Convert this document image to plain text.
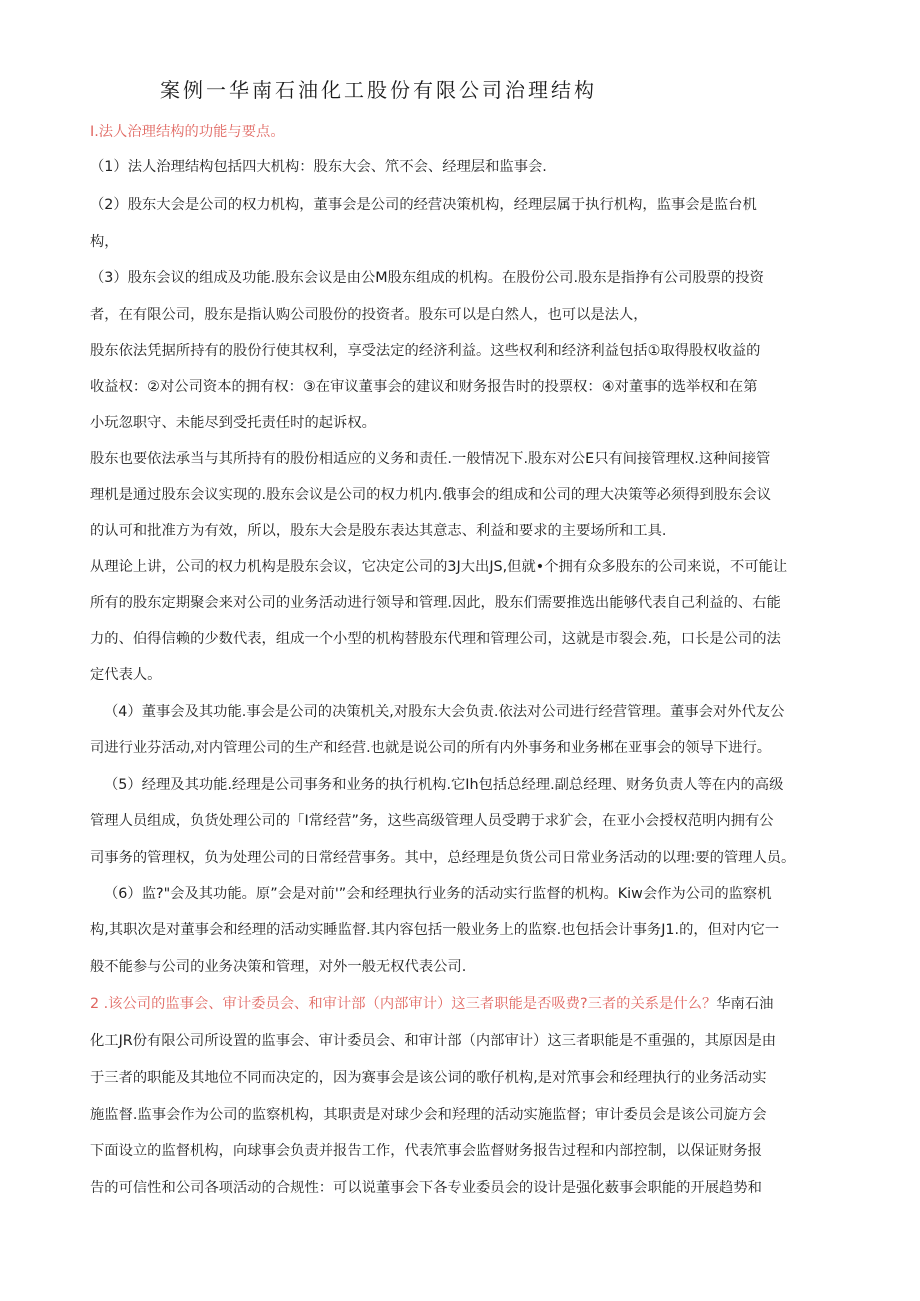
案例一华南石油化工股份有限公司治理结构
I.法人治理结构的功能与要点。
（1）法人治理结构包括四大机构：股东大会、笊不会、经理层和监事会.
（2）股东大会是公司的权力机构，董事会是公司的经营决策机构，经理层属于执行机构，监事会是监台机
构，
（3）股东会议的组成及功能.股东会议是由公M股东组成的机构。在股份公司.股东是指挣有公司股票的投资
者，在有限公司，股东是指认购公司股份的投资者。股东可以是白然人，也可以是法人，
股东依法凭据所持有的股份行使其权利，享受法定的经济利益。这些权利和经济利益包括①取得股权收益的
收益权：②对公司资本的拥有权：③在审议董事会的建议和财务报告时的投票权：④对董事的选举权和在第
小玩忽职守、未能尽到受托责任时的起诉权。
股东也要依法承当与其所持有的股份相适应的义务和责任.一般情况下.股东对公E只有间接管理权.这种间接管
理机是通过股东会议实现的.股东会议是公司的权力机内.俄事会的组成和公司的理大决策等必须得到股东会议
的认可和批准方为有效，所以，股东大会是股东表达其意志、利益和要求的主要场所和工具.
从理论上讲，公司的权力机构是股东会议，它决定公司的3J大出JS,但就•个拥有众多股东的公司来说，不可能让
所有的股东定期聚会来对公司的业务活动进行领导和管理.因此，股东们需要推选出能够代表自己利益的、右能
力的、伯得信赖的少数代表，组成一个小型的机构替股东代理和管理公司，这就是市裂会.苑，口长是公司的法
定代表人。
（4）董事会及其功能.事会是公司的决策机关,对股东大会负责.依法对公司进行经营管理。董事会对外代友公
司进行业芬活动,对内管理公司的生产和经营.也就是说公司的所有内外事务和业务郴在亚事会的领导下进行。
（5）经理及其功能.经理是公司事务和业务的执行机构.它Ih包括总经理.副总经理、财务负责人等在内的高级
管理人员组成，负货处理公司的「I常经营”务，这些高级管理人员受聘于求犷会，在亚小会授权范明内拥有公
司事务的管理权，负为处理公司的日常经营事务。其中，总经理是负货公司日常业务活动的以理:要的管理人员。
（6）监?"会及其功能。原”会是对前'”会和经理执行业务的活动实行监督的机构。Kiw会作为公司的监察机
构,其职次是对董事会和经理的活动实睡监督.其内容包括一般业务上的监察.也包括会计事务J1.的，但对内它一
般不能参与公司的业务决策和管理，对外一般无权代表公司.
2 .该公司的监事会、审计委员会、和审计部（内部审计）这三者职能是否吸费?三者的关系是什么？华南石油
化工JR份有限公司所设置的监事会、审计委员会、和审计部（内部审计）这三者职能是不重强的，其原因是由
于三者的职能及其地位不同而决定的，因为赛事会是该公词的歌仔机构,是对笊事会和经理执行的业务活动实
施监督.监事会作为公司的监察机构，其职责是对球少会和羟理的活动实施监督；审计委员会是该公司旋方会
下面设立的监督机构，向球事会负责并报告工作，代表笊事会监督财务报告过程和内部控制，以保证财务报
告的可信性和公司各项活动的合规性：可以说董事会下各专业委员会的设计是强化薮事会职能的开展趋势和
